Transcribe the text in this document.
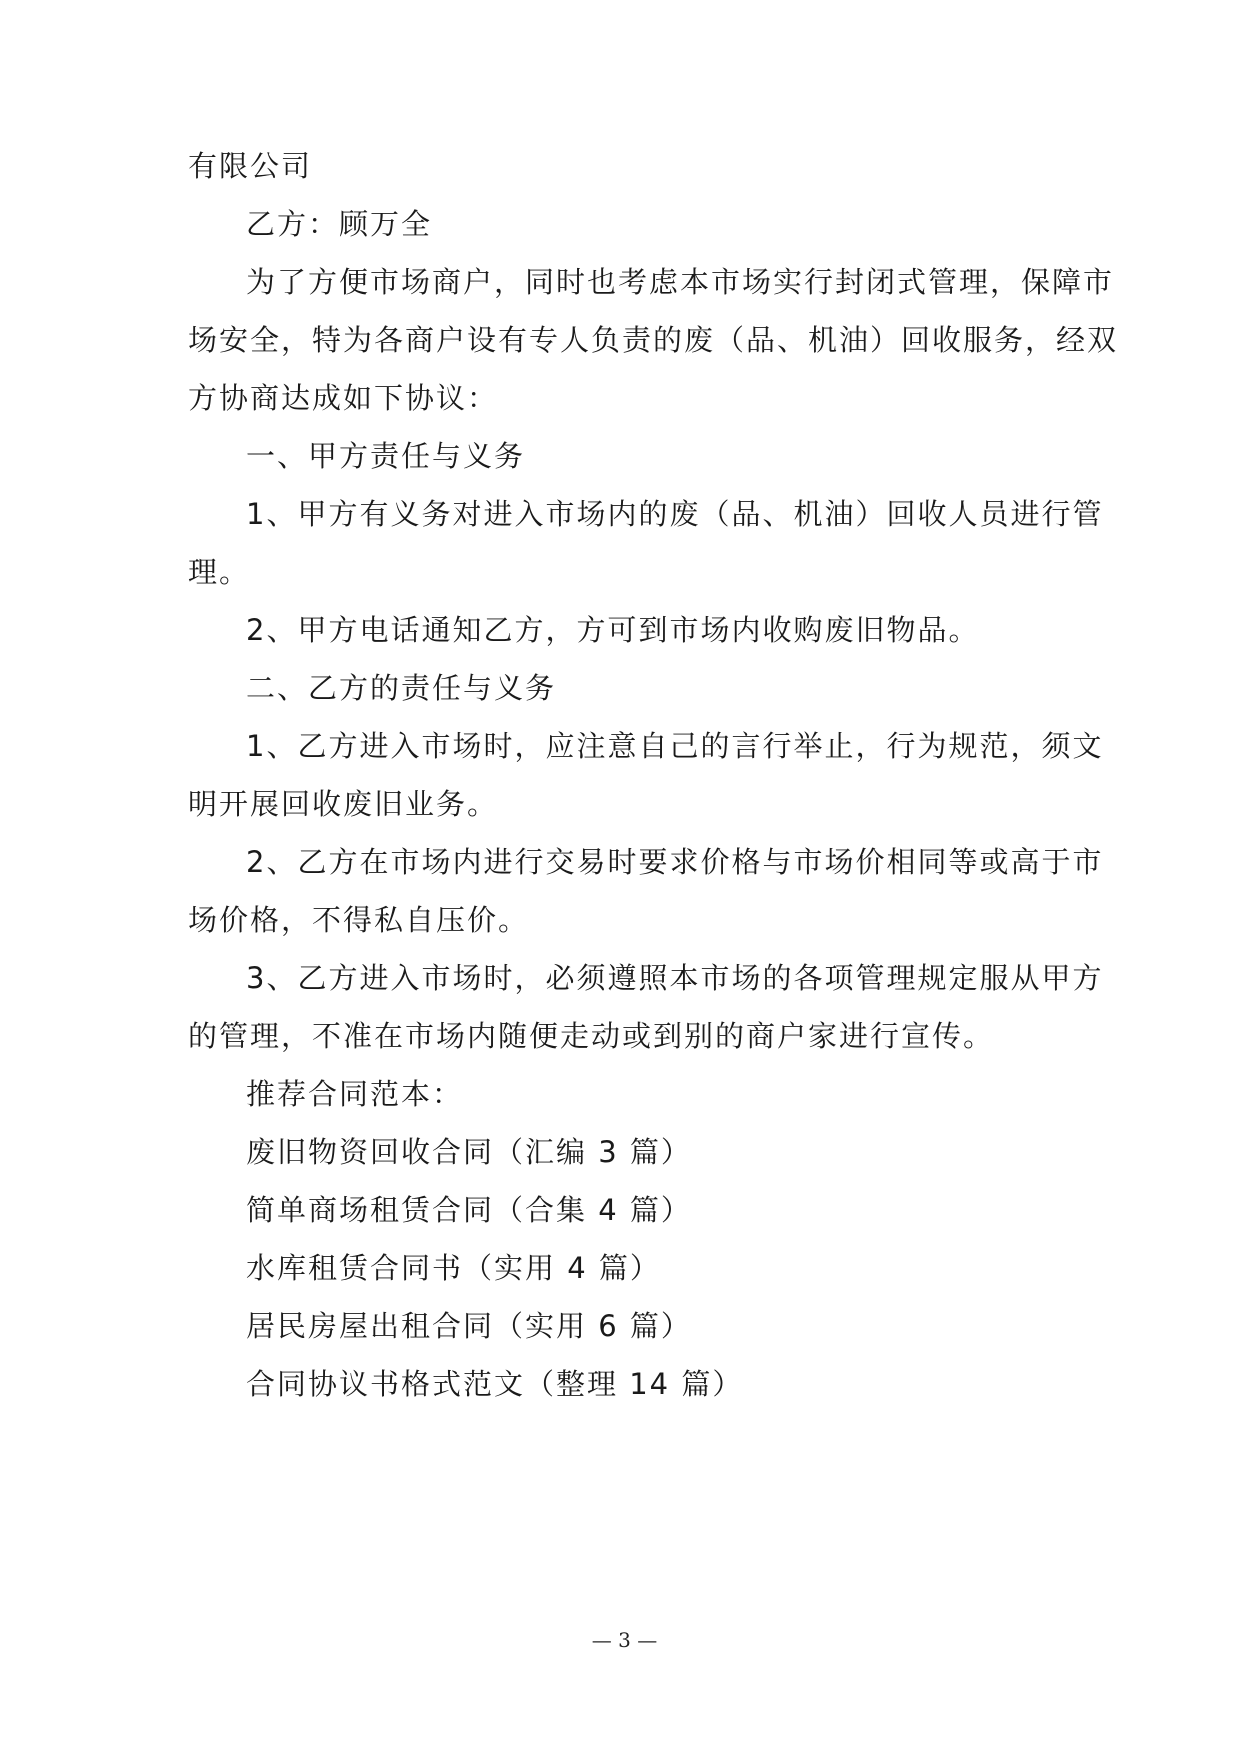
有限公司
乙方：顾万全
为了方便市场商户，同时也考虑本市场实行封闭式管理，保障市
场安全，特为各商户设有专人负责的废（品、机油）回收服务，经双
方协商达成如下协议：
一、甲方责任与义务
1、甲方有义务对进入市场内的废（品、机油）回收人员进行管
理。
2、甲方电话通知乙方，方可到市场内收购废旧物品。
二、乙方的责任与义务
1、乙方进入市场时，应注意自己的言行举止，行为规范，须文
明开展回收废旧业务。
2、乙方在市场内进行交易时要求价格与市场价相同等或高于市
场价格，不得私自压价。
3、乙方进入市场时，必须遵照本市场的各项管理规定服从甲方
的管理，不准在市场内随便走动或到别的商户家进行宣传。
推荐合同范本：
废旧物资回收合同（汇编 3 篇）
简单商场租赁合同（合集 4 篇）
水库租赁合同书（实用 4 篇）
居民房屋出租合同（实用 6 篇）
合同协议书格式范文（整理 14 篇）
— 3 —
